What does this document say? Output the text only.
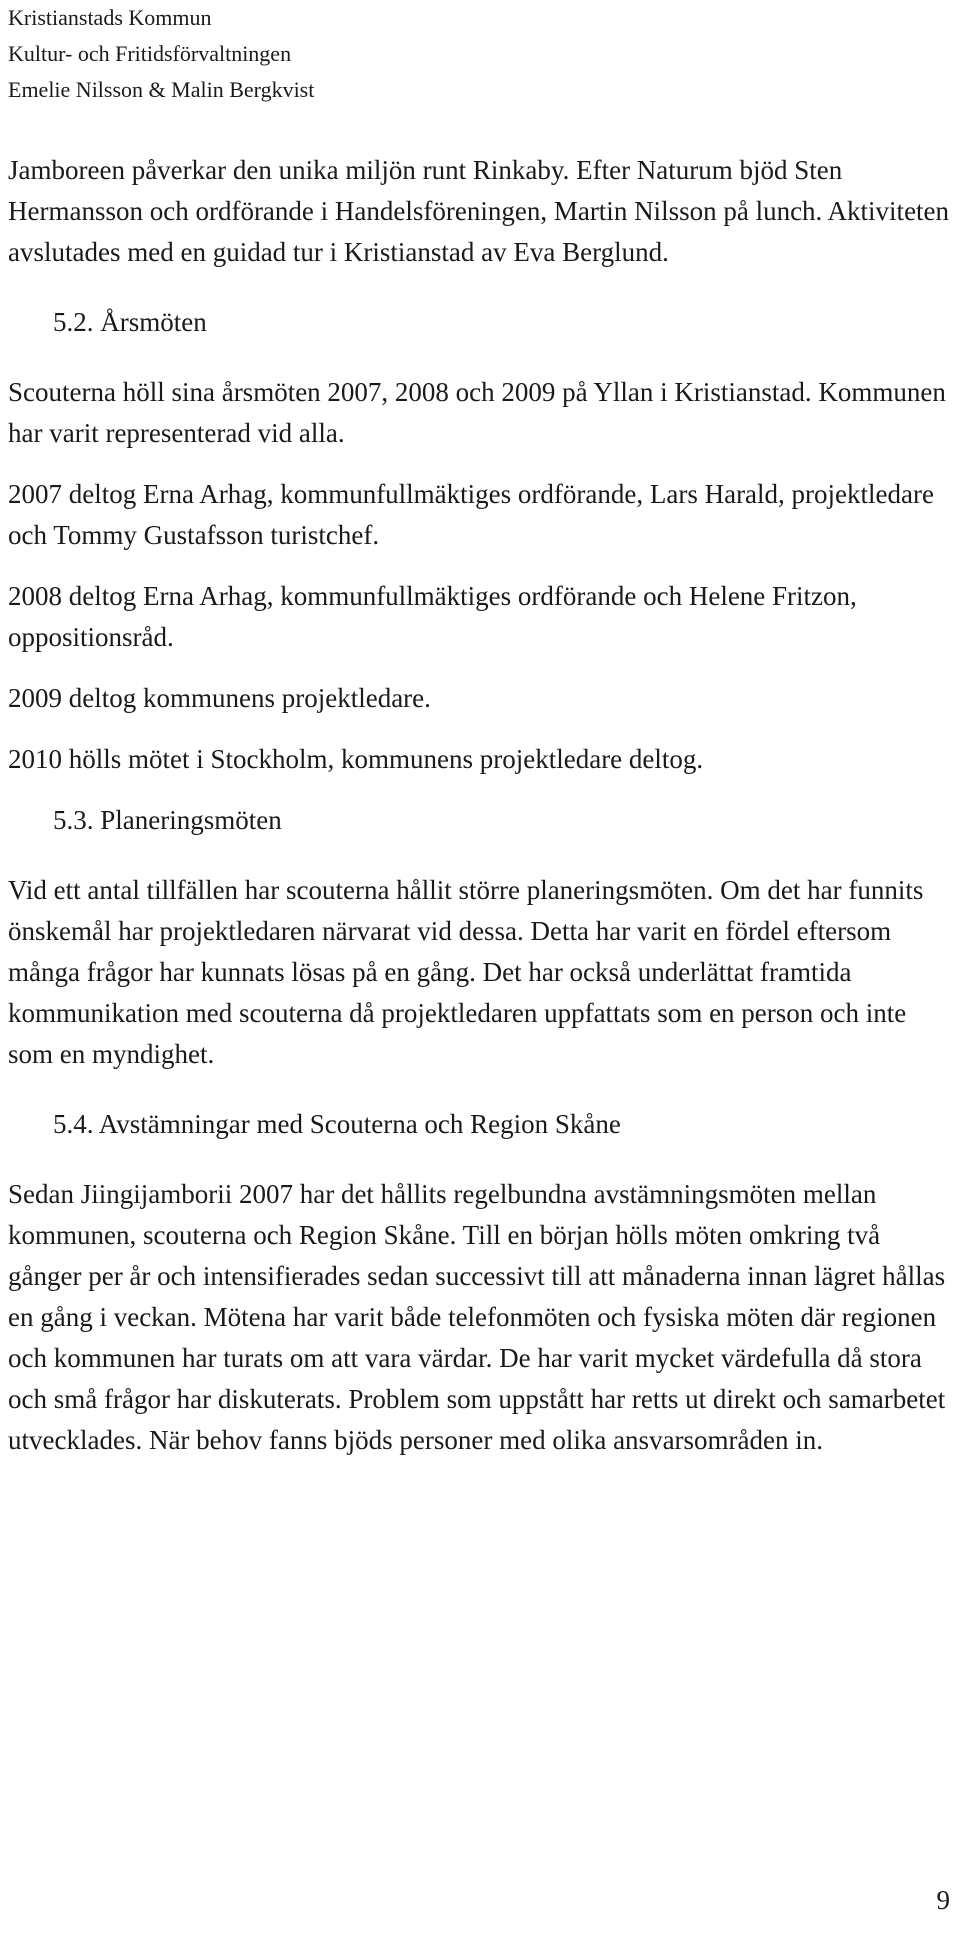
Kristianstads Kommun
Kultur- och Fritidsförvaltningen
Emelie Nilsson & Malin Bergkvist

Jamboreen påverkar den unika miljön runt Rinkaby. Efter Naturum bjöd Sten Hermansson och ordförande i Handelsföreningen, Martin Nilsson på lunch. Aktiviteten avslutades med en guidad tur i Kristianstad av Eva Berglund.

5.2. Årsmöten

Scouterna höll sina årsmöten 2007, 2008 och 2009 på Yllan i Kristianstad. Kommunen har varit representerad vid alla.

2007 deltog Erna Arhag, kommunfullmäktiges ordförande, Lars Harald, projektledare och Tommy Gustafsson turistchef.

2008 deltog Erna Arhag, kommunfullmäktiges ordförande och Helene Fritzon, oppositionsråd.

2009 deltog kommunens projektledare.

2010 hölls mötet i Stockholm, kommunens projektledare deltog.

5.3. Planeringsmöten

Vid ett antal tillfällen har scouterna hållit större planeringsmöten. Om det har funnits önskemål har projektledaren närvarat vid dessa. Detta har varit en fördel eftersom många frågor har kunnats lösas på en gång. Det har också underlättat framtida kommunikation med scouterna då projektledaren uppfattats som en person och inte som en myndighet.

5.4. Avstämningar med Scouterna och Region Skåne

Sedan Jiingijamborii 2007 har det hållits regelbundna avstämningsmöten mellan kommunen, scouterna och Region Skåne. Till en början hölls möten omkring två gånger per år och intensifierades sedan successivt till att månaderna innan lägret hållas en gång i veckan. Mötena har varit både telefonmöten och fysiska möten där regionen och kommunen har turats om att vara värdar. De har varit mycket värdefulla då stora och små frågor har diskuterats. Problem som uppstått har retts ut direkt och samarbetet utvecklades. När behov fanns bjöds personer med olika ansvarsområden in.

9
